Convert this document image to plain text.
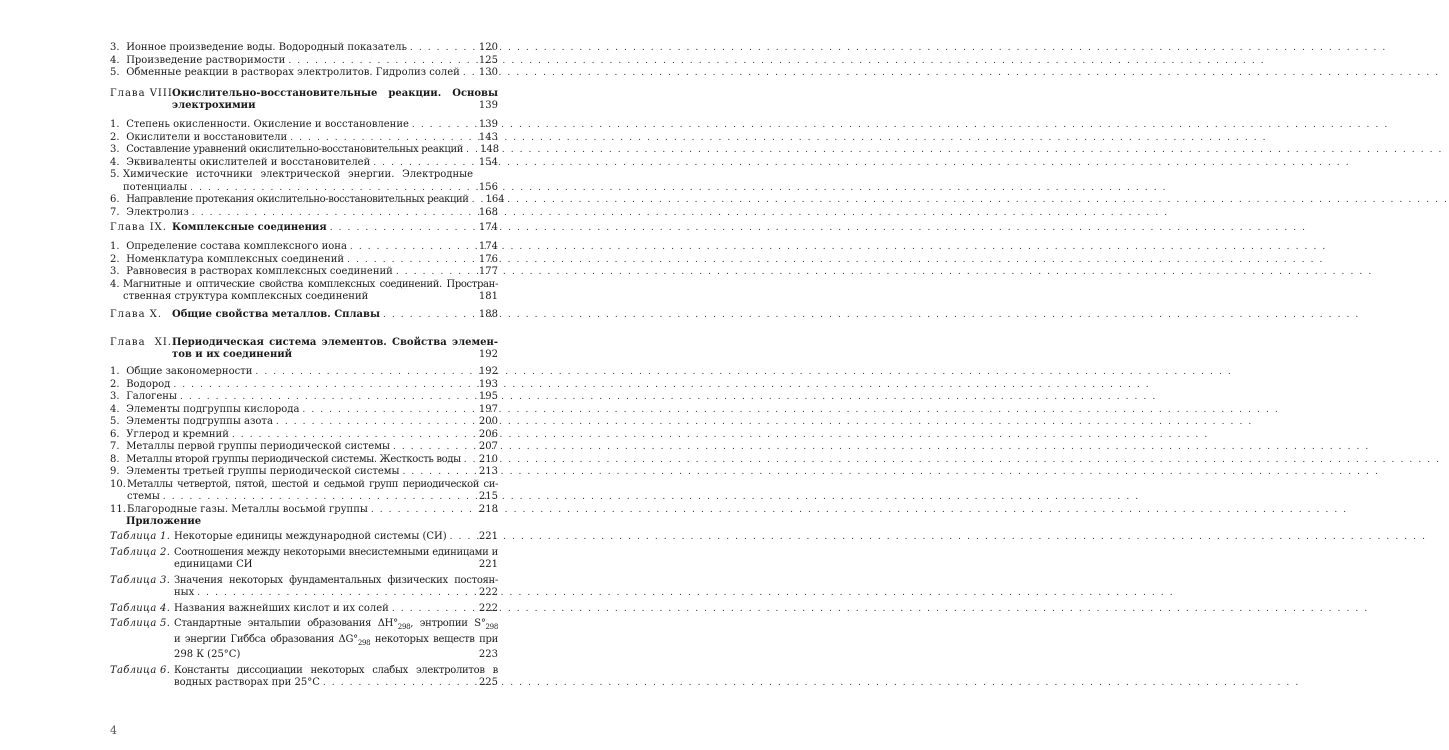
3. Ионное произведение воды. Водородный показатель . . .	120
4. Произведение растворимости . . .	125
5. Обменные реакции в растворах электролитов. Гидролиз солей . . . 130
Глава VIII.Окислительно-восстановительные реакции. Основы
электрохимии	139
1. Степень окисленности. Окисление и восстановление . . .	139
2. Окислители и восстановители . . .	143
3. Составление уравнений окислительно-восстановительных реакций . . . 148
4. Эквиваленты окислителей и восстановителей . . .	154
5. Химические источники электрической энергии. Электродные
потенциалы . . .	156
6. Направление протекания окислительно-восстановительных реакций . . . 164
7. Электролиз . . .	168
Глава IX. Комплексные соединения . . .	174
1. Определение состава комплексного иона . . .	174
2. Номенклатура комплексных соединений . . .	176
3. Равновесия в растворах комплексных соединений . . .	177
4. Магнитные и оптические свойства комплексных соединений. Простран-
ственная структура комплексных соединений	181
Глава X. Общие свойства металлов. Сплавы . . .	188
Глава XI.Периодическая система элементов. Свойства элемен-
тов и их соединений	192
1. Общие закономерности . . .	192
2. Водород . . .	193
3. Галогены . . .	195
4. Элементы подгруппы кислорода . . .	197
5. Элементы подгруппы азота . . .	200
6. Углерод и кремний . . .	206
7. Металлы первой группы периодической системы . . .	207
8. Металлы второй группы периодической системы. Жесткость воды . . . 210
9. Элементы третьей группы периодической системы . . .	213
10.Металлы четвертой, пятой, шестой и седьмой групп периодической си-
стемы . . .	215
11.Благородные газы. Металлы восьмой группы . . .	218
Приложение
Таблица 1. Некоторые единицы международной системы (СИ) . . .	221
Таблица 2. Соотношения между некоторыми внесистемными единицами и
единицами СИ	221
Таблица 3. Значения некоторых фундаментальных физических постоян-
ных . . .	222
Таблица 4. Названия важнейших кислот и их солей . . .	222
Таблица 5. Стандартные энтальпии образования $\Delta H^\circ_{298}$, энтропии $S^\circ_{298}$
и энергии Гиббса образования $\Delta G^\circ_{298}$ некоторых веществ при
298 К (25°С)	223
Таблица 6. Константы диссоциации некоторых слабых электролитов в
водных растворах при 25°С . . .	225
4
